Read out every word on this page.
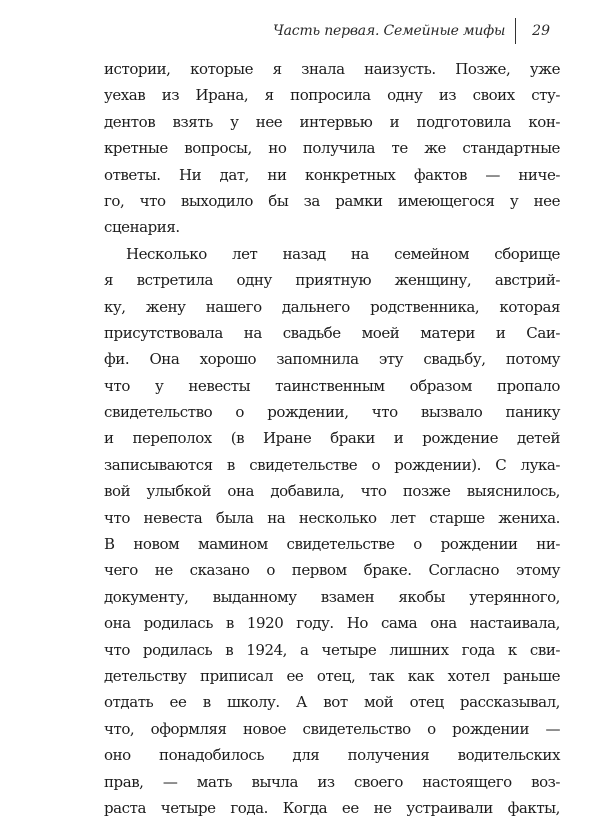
Часть первая. Семейные мифы 29
истории, которые я знала наизусть. Позже, уже
уехав из Ирана, я попросила одну из своих сту-
дентов взять у нее интервью и подготовила кон-
кретные вопросы, но получила те же стандартные
ответы. Ни дат, ни конкретных фактов — ниче-
го, что выходило бы за рамки имеющегося у нее
сценария.
Несколько лет назад на семейном сборище
я встретила одну приятную женщину, австрий-
ку, жену нашего дальнего родственника, которая
присутствовала на свадьбе моей матери и Саи-
фи. Она хорошо запомнила эту свадьбу, потому
что у невесты таинственным образом пропало
свидетельство о рождении, что вызвало панику
и переполох (в Иране браки и рождение детей
записываются в свидетельстве о рождении). С лука-
вой улыбкой она добавила, что позже выяснилось,
что невеста была на несколько лет старше жениха.
В новом мамином свидетельстве о рождении ни-
чего не сказано о первом браке. Согласно этому
документу, выданному взамен якобы утерянного,
она родилась в 1920 году. Но сама она настаивала,
что родилась в 1924, а четыре лишних года к сви-
детельству приписал ее отец, так как хотел раньше
отдать ее в школу. А вот мой отец рассказывал,
что, оформляя новое свидетельство о рождении —
оно понадобилось для получения водительских
прав, — мать вычла из своего настоящего воз-
раста четыре года. Когда ее не устраивали факты,
